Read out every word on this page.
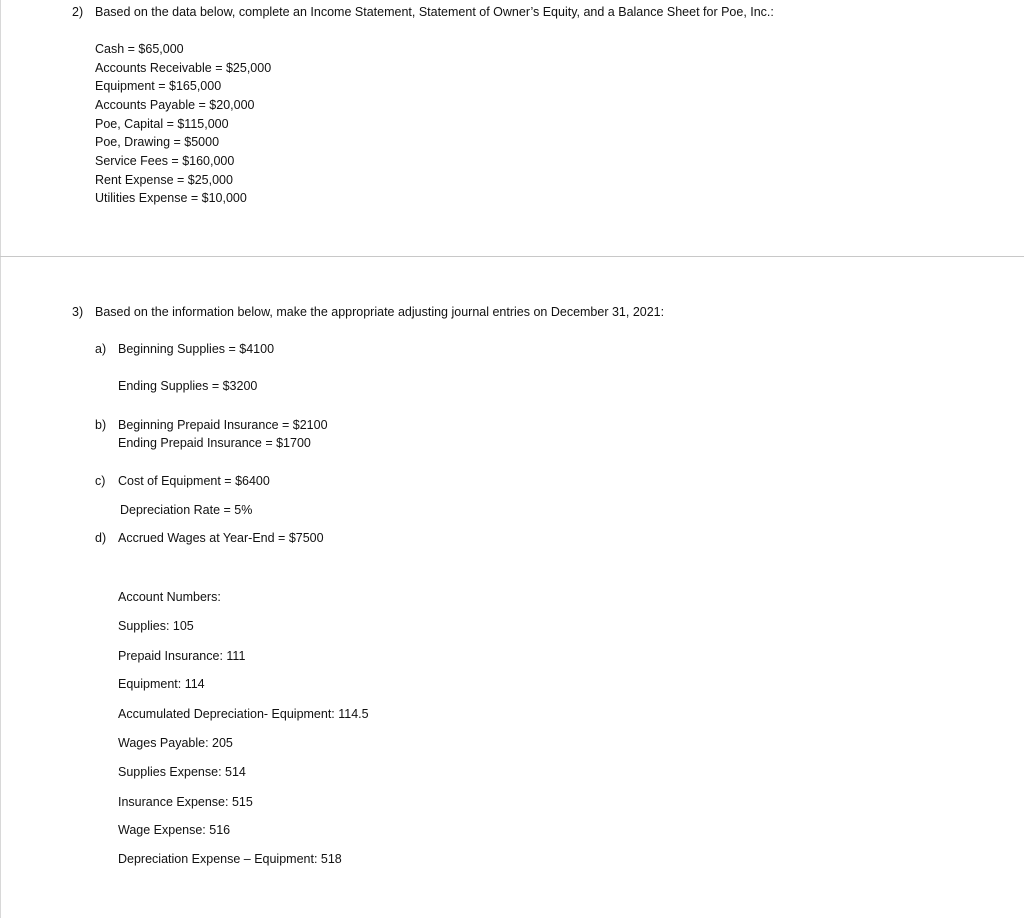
2) Based on the data below, complete an Income Statement, Statement of Owner’s Equity, and a Balance Sheet for Poe, Inc.:
Cash = $65,000
Accounts Receivable = $25,000
Equipment = $165,000
Accounts Payable = $20,000
Poe, Capital = $115,000
Poe, Drawing = $5000
Service Fees = $160,000
Rent Expense = $25,000
Utilities Expense = $10,000
3) Based on the information below, make the appropriate adjusting journal entries on December 31, 2021:
a) Beginning Supplies = $4100
Ending Supplies = $3200
b) Beginning Prepaid Insurance = $2100
Ending Prepaid Insurance = $1700
c) Cost of Equipment = $6400
Depreciation Rate = 5%
d) Accrued Wages at Year-End = $7500
Account Numbers:
Supplies: 105
Prepaid Insurance: 111
Equipment: 114
Accumulated Depreciation- Equipment: 114.5
Wages Payable: 205
Supplies Expense: 514
Insurance Expense: 515
Wage Expense: 516
Depreciation Expense – Equipment: 518
